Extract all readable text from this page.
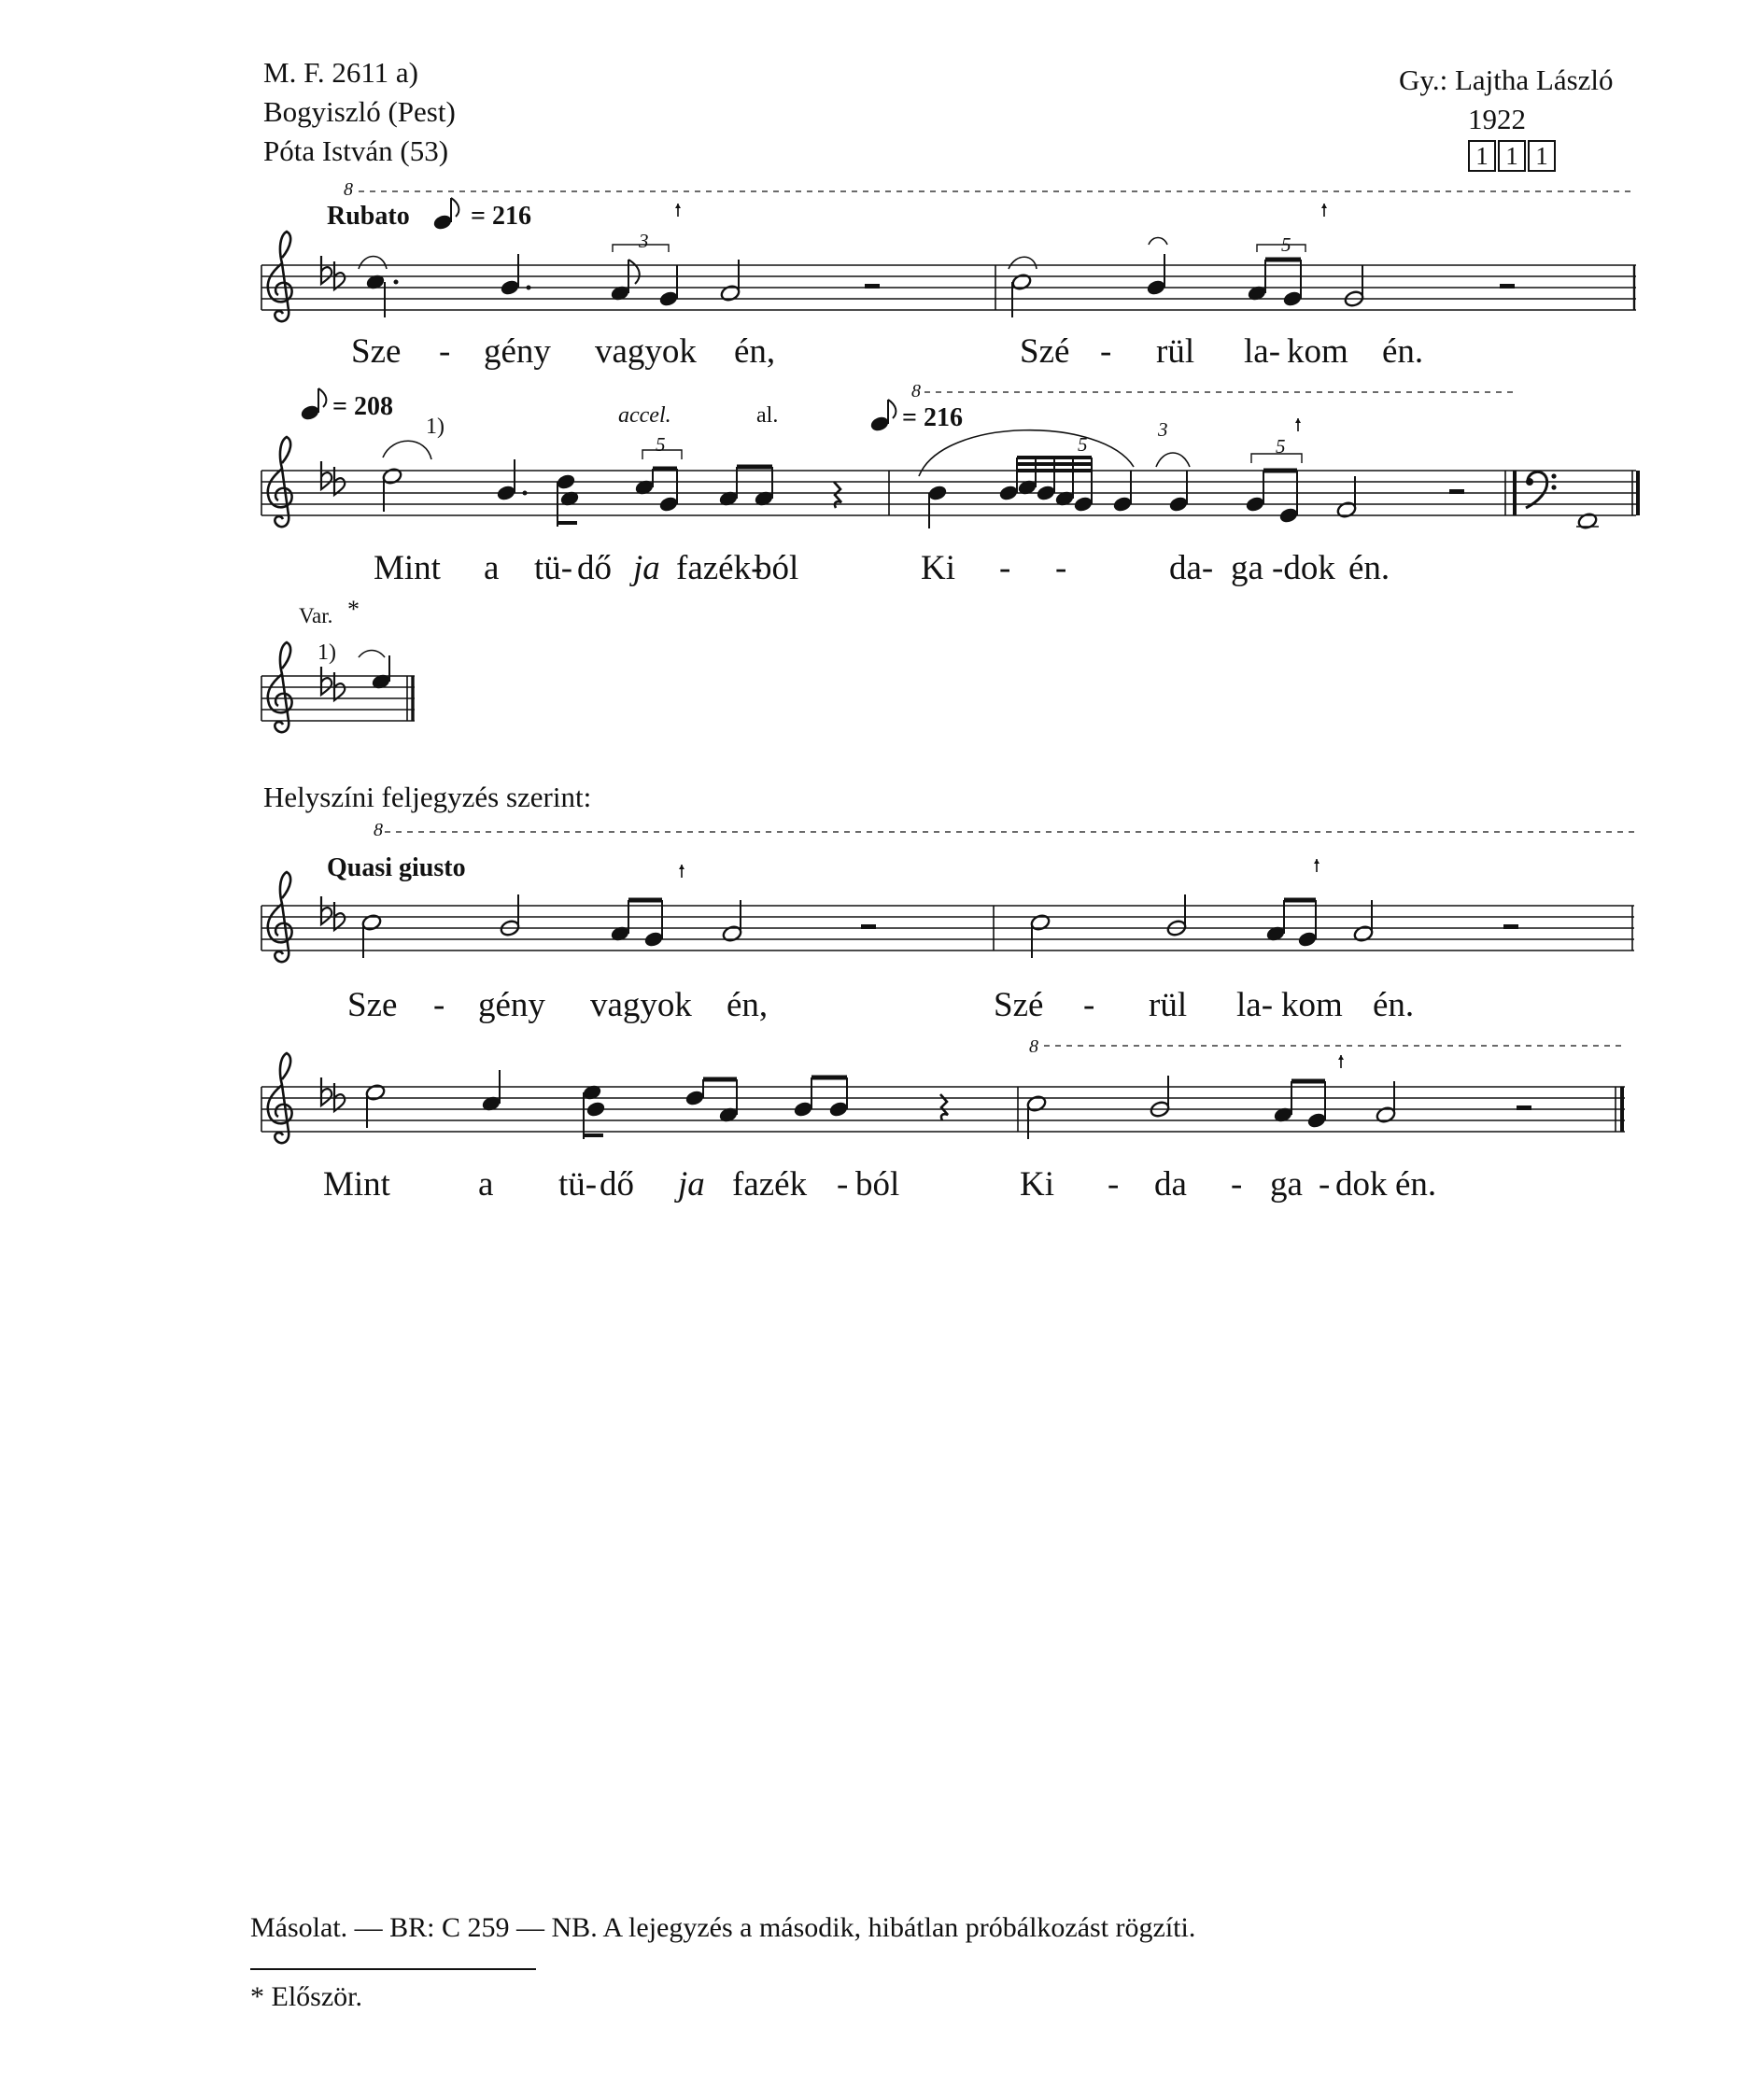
M. F. 2611 a)
Bogyiszló (Pest)
Póta István (53)
Gy.: Lajtha László
1922
1 1 1
8
Rubato = 216
3	5
Sze - gény vagyok én,	Szé - rül la- kom én.
= 208
1)	accel.	al.
8
= 216
5	5
3
5
Mint a tü- dő ja fazék-
ból	Ki - -	da- ga -dok én.
Var. *
1)
Helyszíni feljegyzés szerint:
8
Quasi giusto
Sze - gény vagyok én,	Szé - rül la- kom én.
8
Mint	a tü- dő ja fazék - ból	Ki - da - ga - dok én.
Másolat. — BR: C 259 — NB. A lejegyzés a második, hibátlan próbálkozást rögzíti.
* Először.
